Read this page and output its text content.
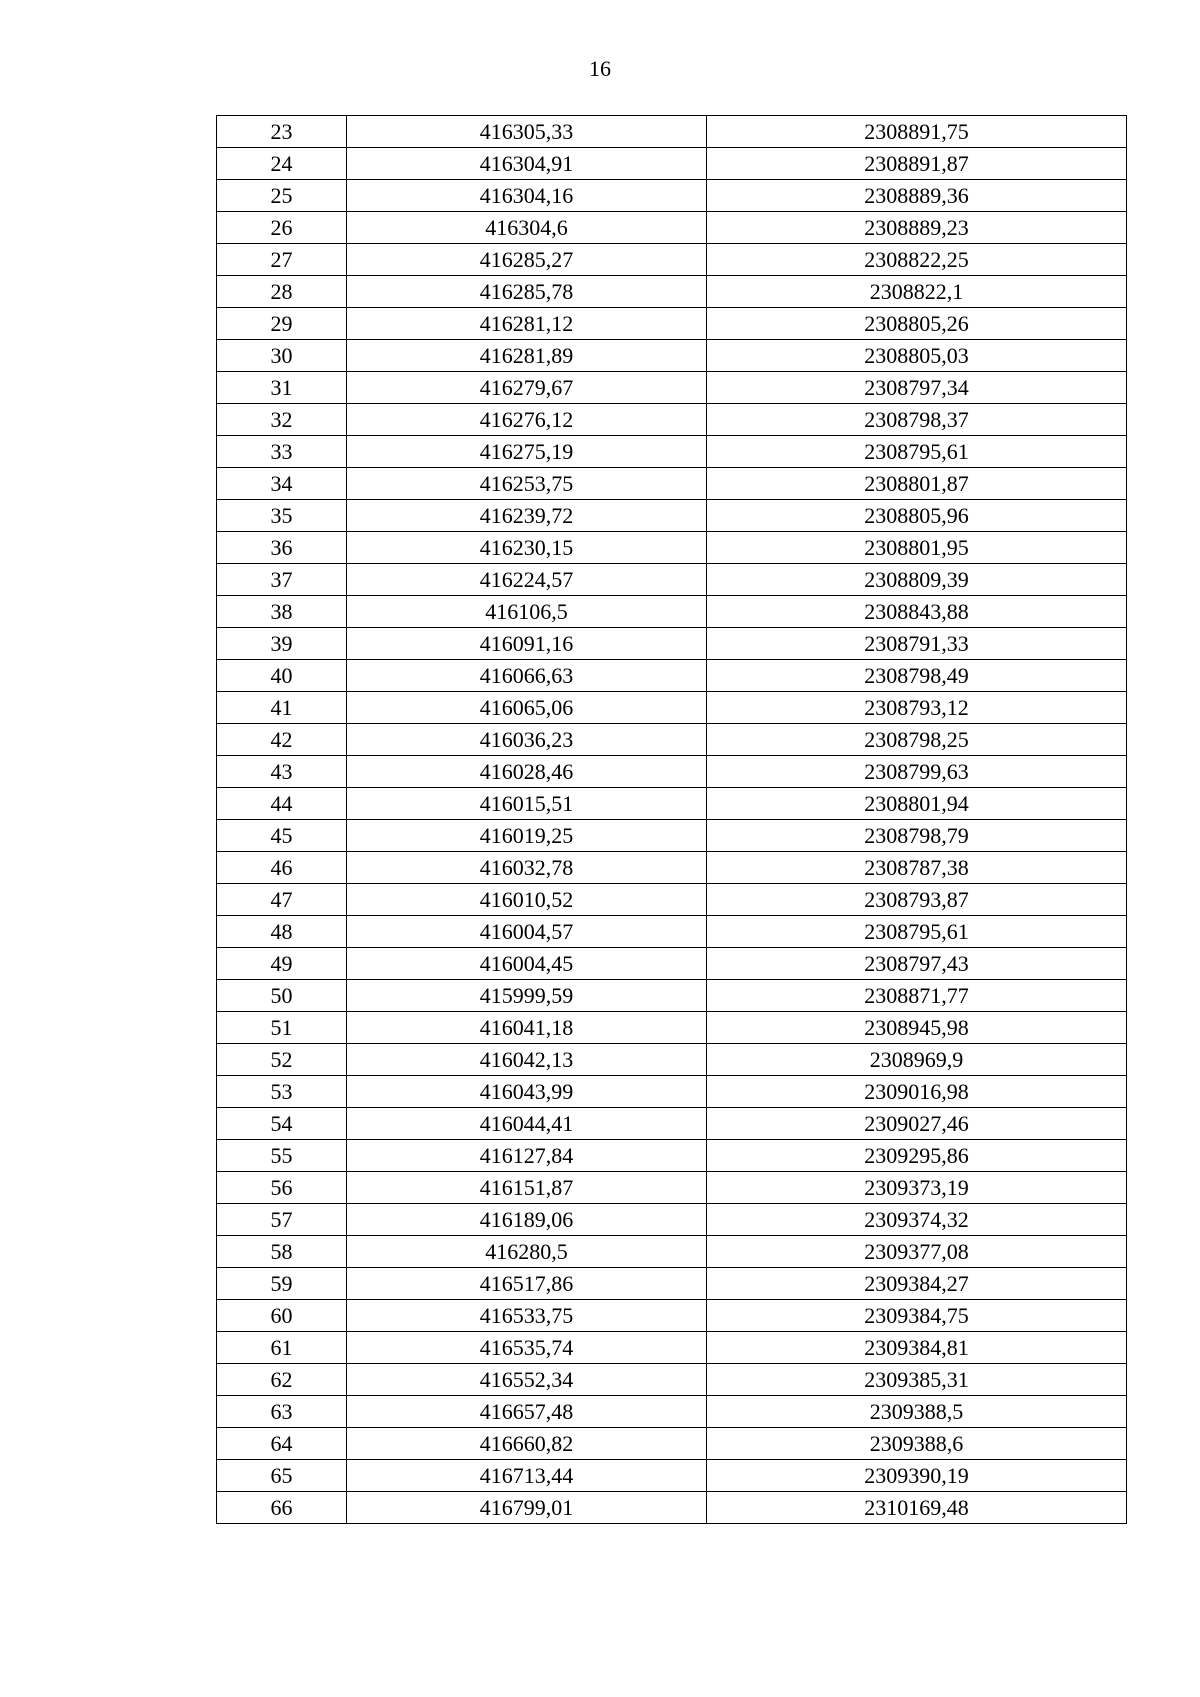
16
23	416305,33	2308891,75
24	416304,91	2308891,87
25	416304,16	2308889,36
26	416304,6	2308889,23
27	416285,27	2308822,25
28	416285,78	2308822,1
29	416281,12	2308805,26
30	416281,89	2308805,03
31	416279,67	2308797,34
32	416276,12	2308798,37
33	416275,19	2308795,61
34	416253,75	2308801,87
35	416239,72	2308805,96
36	416230,15	2308801,95
37	416224,57	2308809,39
38	416106,5	2308843,88
39	416091,16	2308791,33
40	416066,63	2308798,49
41	416065,06	2308793,12
42	416036,23	2308798,25
43	416028,46	2308799,63
44	416015,51	2308801,94
45	416019,25	2308798,79
46	416032,78	2308787,38
47	416010,52	2308793,87
48	416004,57	2308795,61
49	416004,45	2308797,43
50	415999,59	2308871,77
51	416041,18	2308945,98
52	416042,13	2308969,9
53	416043,99	2309016,98
54	416044,41	2309027,46
55	416127,84	2309295,86
56	416151,87	2309373,19
57	416189,06	2309374,32
58	416280,5	2309377,08
59	416517,86	2309384,27
60	416533,75	2309384,75
61	416535,74	2309384,81
62	416552,34	2309385,31
63	416657,48	2309388,5
64	416660,82	2309388,6
65	416713,44	2309390,19
66	416799,01	2310169,48
